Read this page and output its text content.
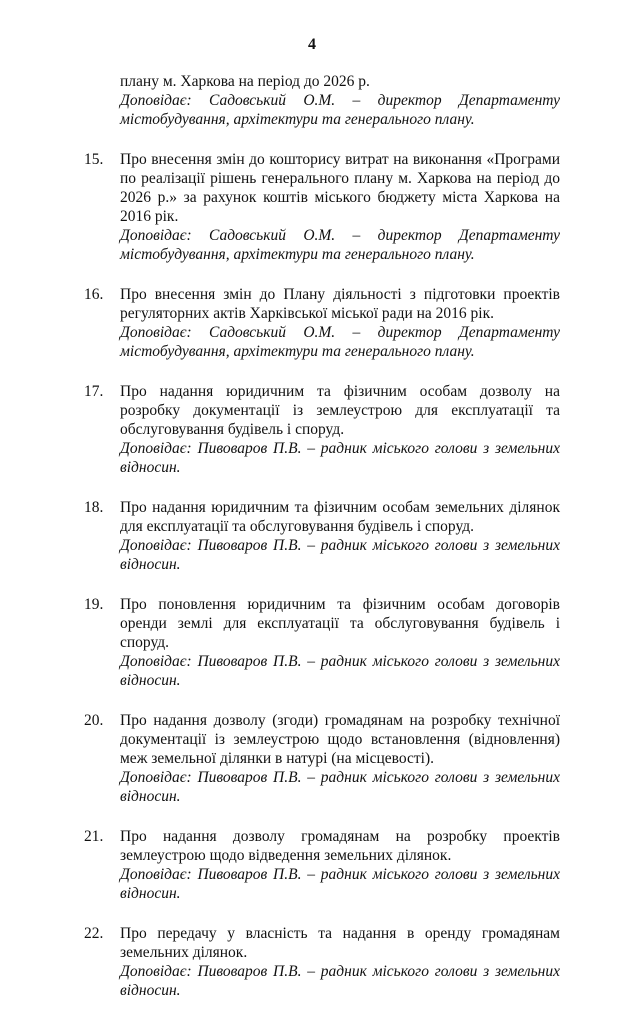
4
плану м. Харкова на період до 2026 р.
Доповідає: Садовський О.М. – директор Департаменту містобудування, архітектури та генерального плану.
15.	Про внесення змін до кошторису витрат на виконання «Програми по реалізації рішень генерального плану м. Харкова на період до 2026 р.» за рахунок коштів міського бюджету міста Харкова на 2016 рік.
Доповідає: Садовський О.М. – директор Департаменту містобудування, архітектури та генерального плану.
16.	Про внесення змін до Плану діяльності з підготовки проектів регуляторних актів Харківської міської ради на 2016 рік.
Доповідає: Садовський О.М. – директор Департаменту містобудування, архітектури та генерального плану.
17.	Про надання юридичним та фізичним особам дозволу на розробку документації із землеустрою для експлуатації та обслуговування будівель і споруд.
Доповідає: Пивоваров П.В. – радник міського голови з земельних відносин.
18.	Про надання юридичним та фізичним особам земельних ділянок для експлуатації та обслуговування будівель і споруд.
Доповідає: Пивоваров П.В. – радник міського голови з земельних відносин.
19.	Про поновлення юридичним та фізичним особам договорів оренди землі для експлуатації та обслуговування будівель і споруд.
Доповідає: Пивоваров П.В. – радник міського голови з земельних відносин.
20.	Про надання дозволу (згоди) громадянам на розробку технічної документації із землеустрою щодо встановлення (відновлення) меж земельної ділянки в натурі (на місцевості).
Доповідає: Пивоваров П.В. – радник міського голови з земельних відносин.
21.	Про надання дозволу громадянам на розробку проектів землеустрою щодо відведення земельних ділянок.
Доповідає: Пивоваров П.В. – радник міського голови з земельних відносин.
22.	Про передачу у власність та надання в оренду громадянам земельних ділянок.
Доповідає: Пивоваров П.В. – радник міського голови з земельних відносин.
